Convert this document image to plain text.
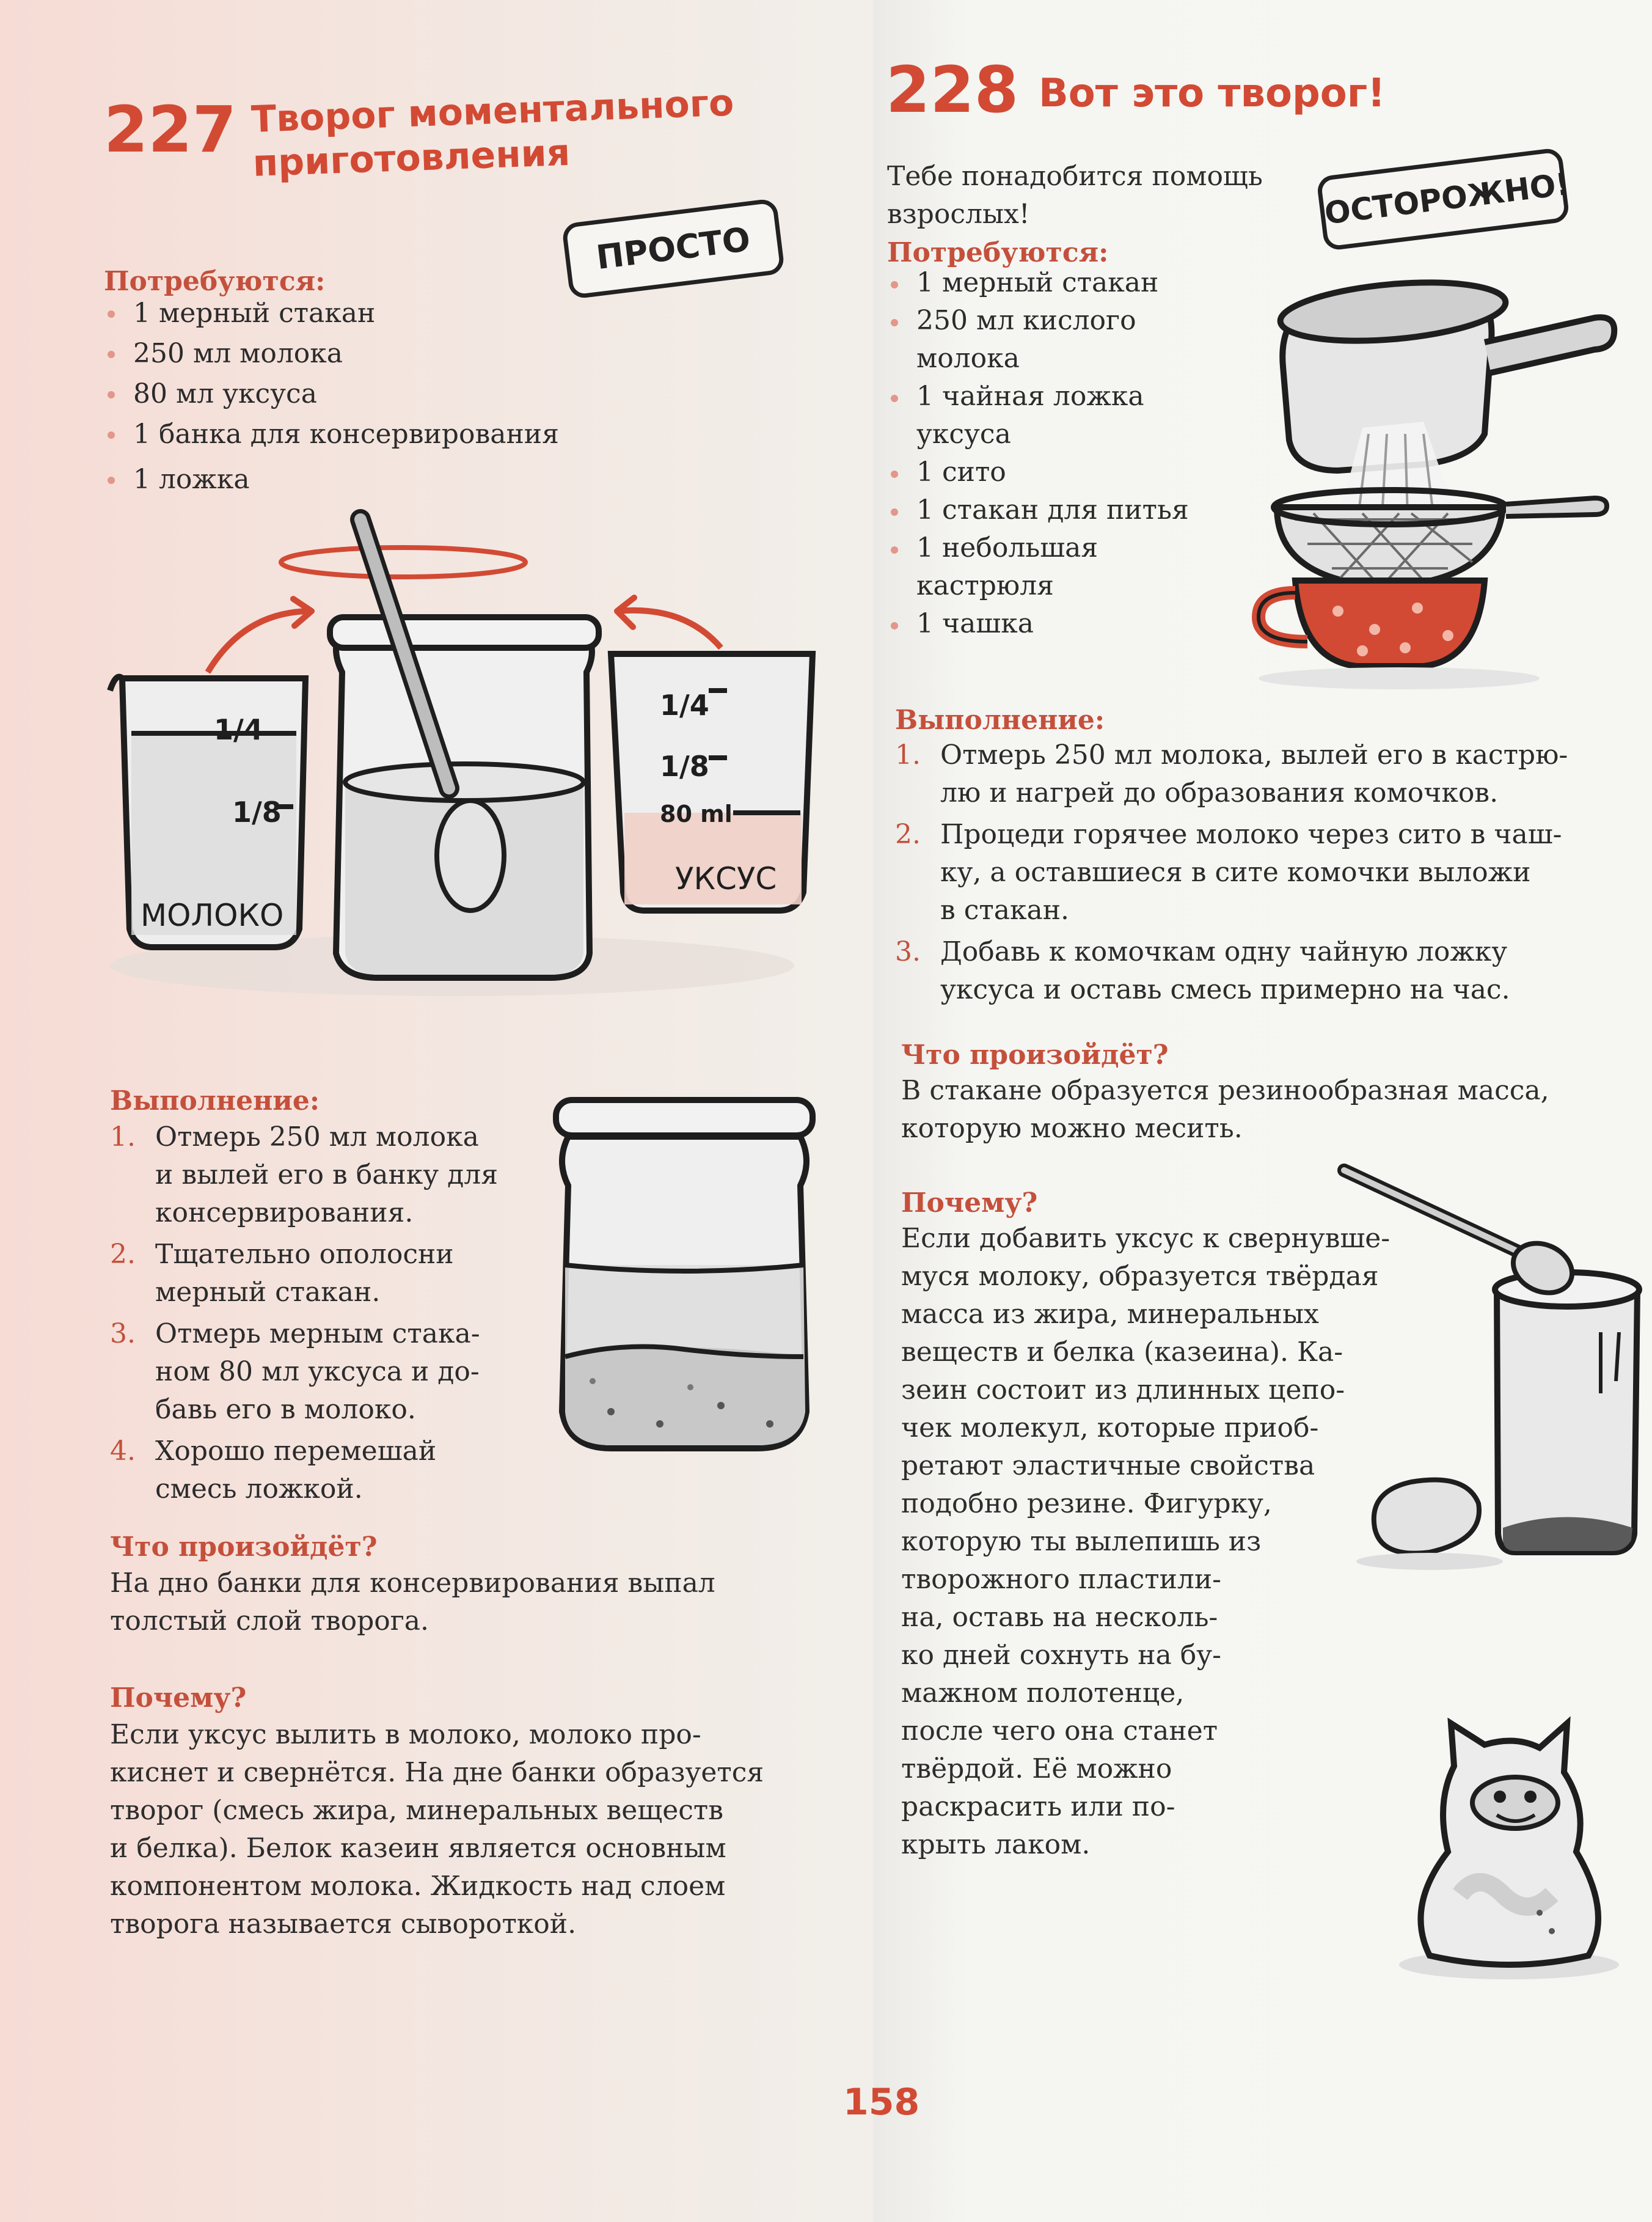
227 Творог моментального
приготовления
ПРОСТО
Потребуются:
1 мерный стакан
250 мл молока
80 мл уксуса
1 банка для консервирования
1 ложка
1/4
1/8
МОЛОКО
1/4
1/8
80 ml
УКСУС
Выполнение:
1. Отмерь 250 мл молока
и вылей его в банку для
консервирования.
2. Тщательно ополосни
мерный стакан.
3. Отмерь мерным стака-
ном 80 мл уксуса и до-
бавь его в молоко.
4. Хорошо перемешай
смесь ложкой.
Что произойдёт?
На дно банки для консервирования выпал
толстый слой творога.
Почему?
Если уксус вылить в молоко, молоко про-
киснет и свернётся. На дне банки образуется
творог (смесь жира, минеральных веществ
и белка). Белок казеин является основным
компонентом молока. Жидкость над слоем
творога называется сывороткой.
228 Вот это творог!
ОСТОРОЖНО!
Тебе понадобится помощь
взрослых!
Потребуются:
1 мерный стакан
250 мл кислого
молока
1 чайная ложка
уксуса
1 сито
1 стакан для питья
1 небольшая
кастрюля
1 чашка
Выполнение:
1. Отмерь 250 мл молока, вылей его в кастрю-
лю и нагрей до образования комочков.
2. Процеди горячее молоко через сито в чаш-
ку, а оставшиеся в сите комочки выложи
в стакан.
3. Добавь к комочкам одну чайную ложку
уксуса и оставь смесь примерно на час.
Что произойдёт?
В стакане образуется резинообразная масса,
которую можно месить.
Почему?
Если добавить уксус к свернувше-
муся молоку, образуется твёрдая
масса из жира, минеральных
веществ и белка (казеина). Ка-
зеин состоит из длинных цепо-
чек молекул, которые приоб-
ретают эластичные свойства
подобно резине. Фигурку,
которую ты вылепишь из
творожного пластили-
на, оставь на несколь-
ко дней сохнуть на бу-
мажном полотенце,
после чего она станет
твёрдой. Её можно
раскрасить или по-
крыть лаком.
158
